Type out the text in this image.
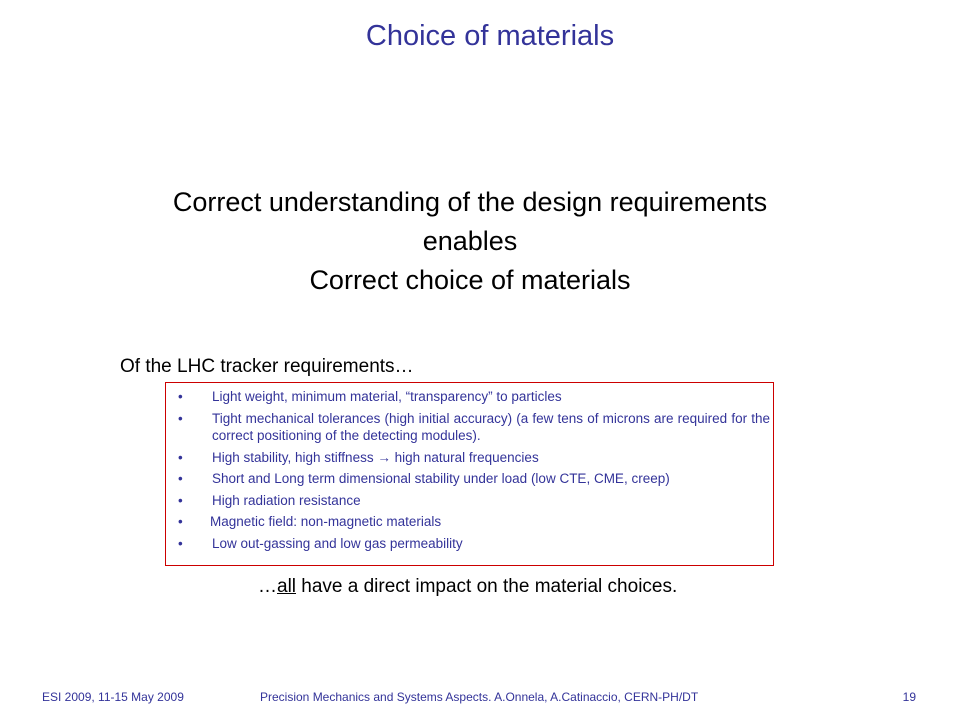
Choice of materials
Correct understanding of the design requirements
enables
Correct choice of materials
Of the LHC tracker requirements…
• Light weight, minimum material, “transparency” to particles
• Tight mechanical tolerances (high initial accuracy) (a few tens of microns are required for the correct positioning of the detecting modules).
• High stability, high stiffness → high natural frequencies
• Short and Long term dimensional stability under load (low CTE, CME, creep)
• High radiation resistance
• Magnetic field: non-magnetic materials
• Low out-gassing and low gas permeability
…all have a direct impact on the material choices.
ESI 2009, 11-15 May 2009	Precision Mechanics and Systems Aspects. A.Onnela, A.Catinaccio, CERN-PH/DT	19
